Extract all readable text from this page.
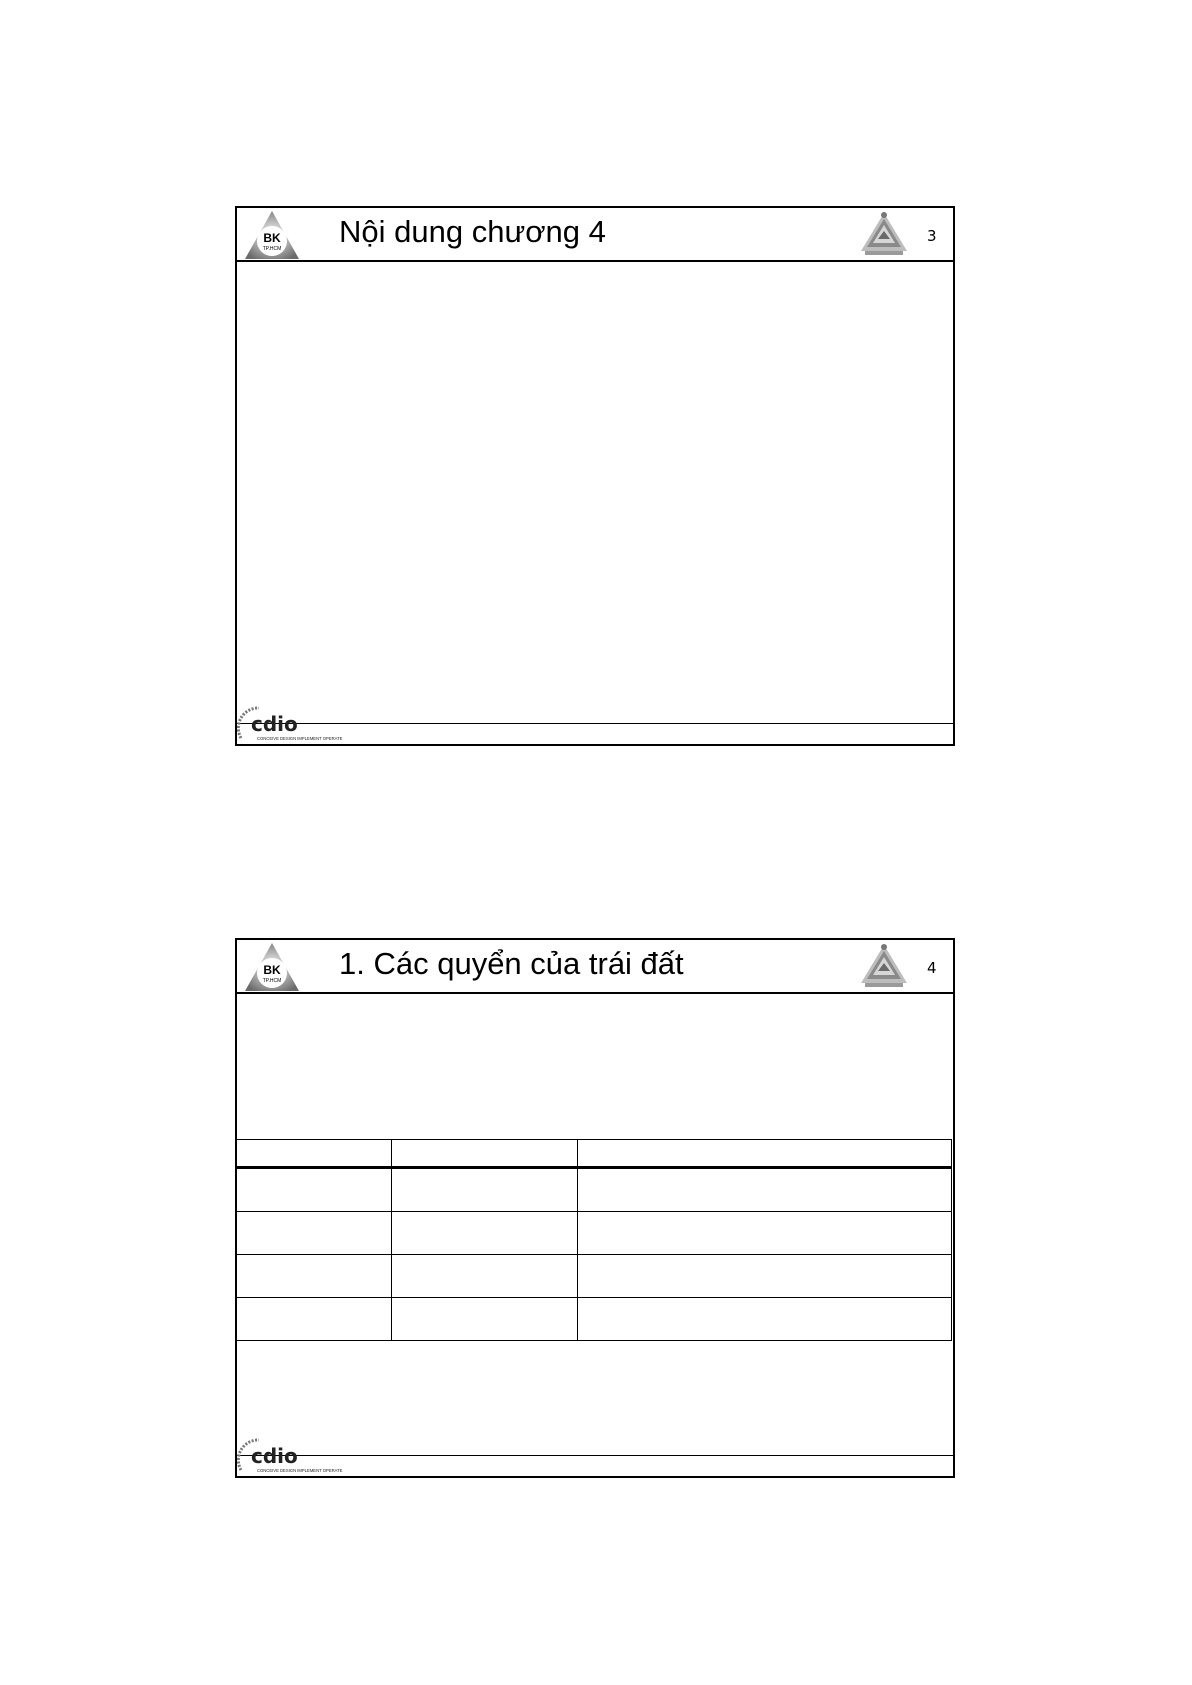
BK
TP.HCM Nội dung chương 4	3
cdio
CONCEIVE DESIGN IMPLEMENT OPERATE
BK
TP.HCM 1. Các quyển của trái đất	4

cdio
CONCEIVE DESIGN IMPLEMENT OPERATE
